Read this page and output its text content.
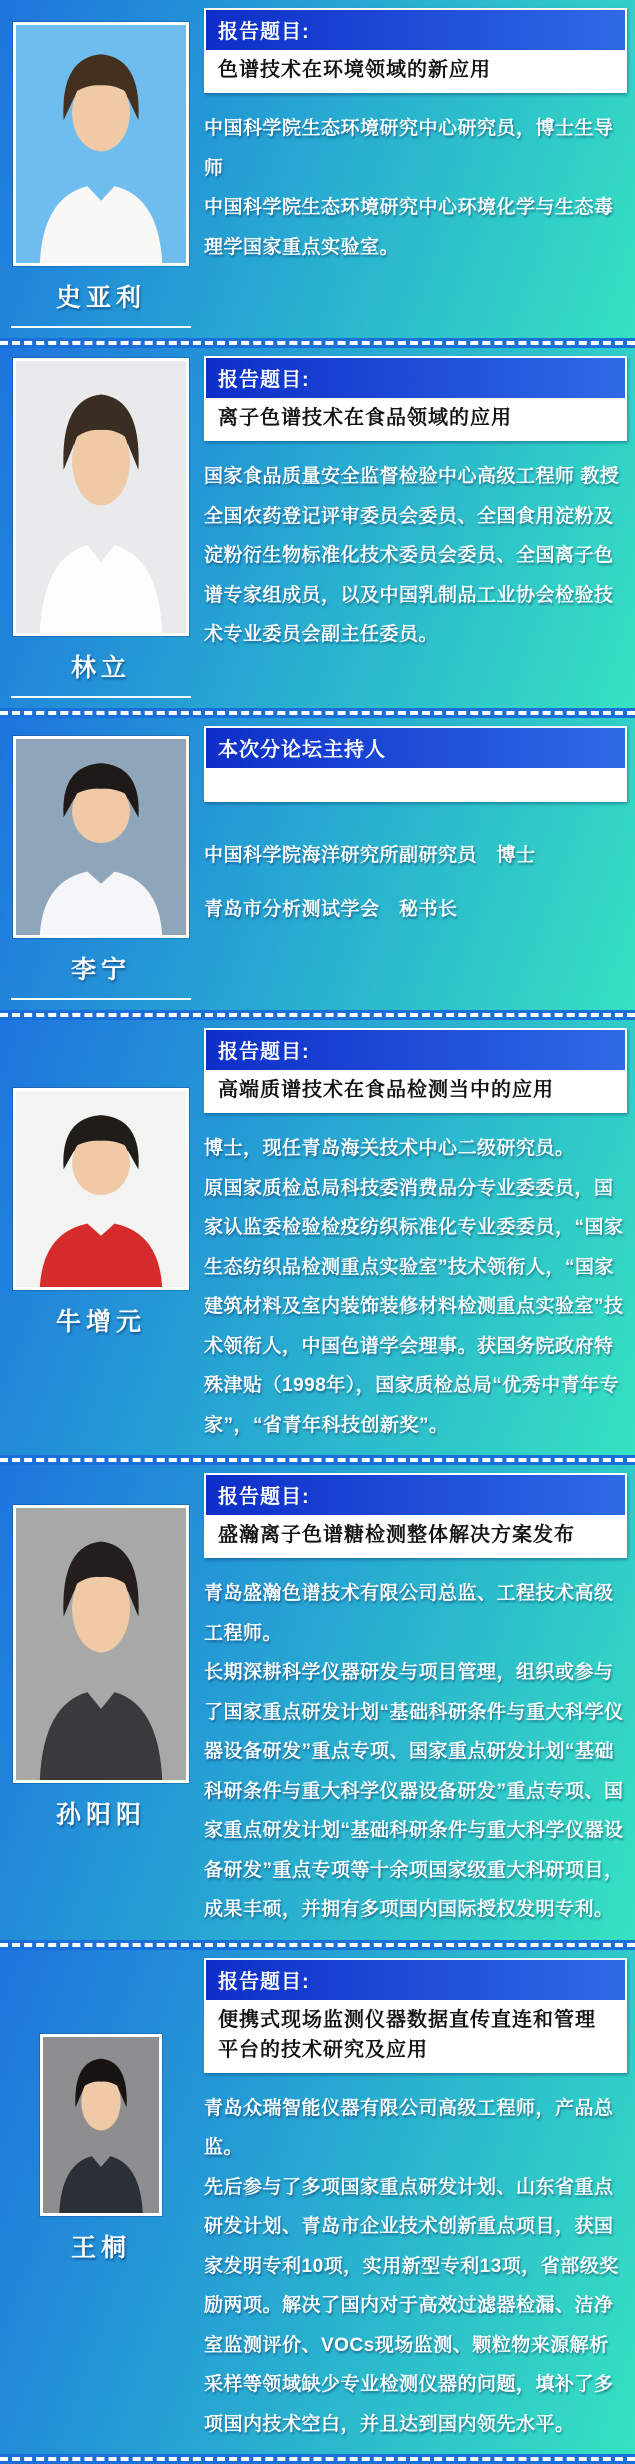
史亚利
报告题目:
色谱技术在环境领域的新应用

中国科学院生态环境研究中心研究员，博士生导师

中国科学院生态环境研究中心环境化学与生态毒理学国家重点实验室。

林立
报告题目:
离子色谱技术在食品领域的应用

国家食品质量安全监督检验中心高级工程师 教授

全国农药登记评审委员会委员、全国食用淀粉及淀粉衍生物标准化技术委员会委员、全国离子色谱专家组成员，以及中国乳制品工业协会检验技术专业委员会副主任委员。

李宁
本次分论坛主持人

中国科学院海洋研究所副研究员　博士

青岛市分析测试学会　秘书长

牛增元
报告题目:
高端质谱技术在食品检测当中的应用

博士，现任青岛海关技术中心二级研究员。

原国家质检总局科技委消费品分专业委委员，国家认监委检验检疫纺织标准化专业委委员，“国家生态纺织品检测重点实验室”技术领衔人，“国家建筑材料及室内装饰装修材料检测重点实验室”技术领衔人，中国色谱学会理事。获国务院政府特殊津贴（1998年），国家质检总局“优秀中青年专家”，“省青年科技创新奖”。

孙阳阳
报告题目:
盛瀚离子色谱糖检测整体解决方案发布

青岛盛瀚色谱技术有限公司总监、工程技术高级工程师。

长期深耕科学仪器研发与项目管理，组织或参与了国家重点研发计划“基础科研条件与重大科学仪器设备研发”重点专项、国家重点研发计划“基础科研条件与重大科学仪器设备研发”重点专项、国家重点研发计划“基础科研条件与重大科学仪器设备研发”重点专项等十余项国家级重大科研项目，成果丰硕，并拥有多项国内国际授权发明专利。

王桐
报告题目:
便携式现场监测仪器数据直传直连和管理平台的技术研究及应用

青岛众瑞智能仪器有限公司高级工程师，产品总监。

先后参与了多项国家重点研发计划、山东省重点研发计划、青岛市企业技术创新重点项目，获国家发明专利10项，实用新型专利13项，省部级奖励两项。解决了国内对于高效过滤器检漏、洁净室监测评价、VOCs现场监测、颗粒物来源解析采样等领域缺少专业检测仪器的问题，填补了多项国内技术空白，并且达到国内领先水平。
